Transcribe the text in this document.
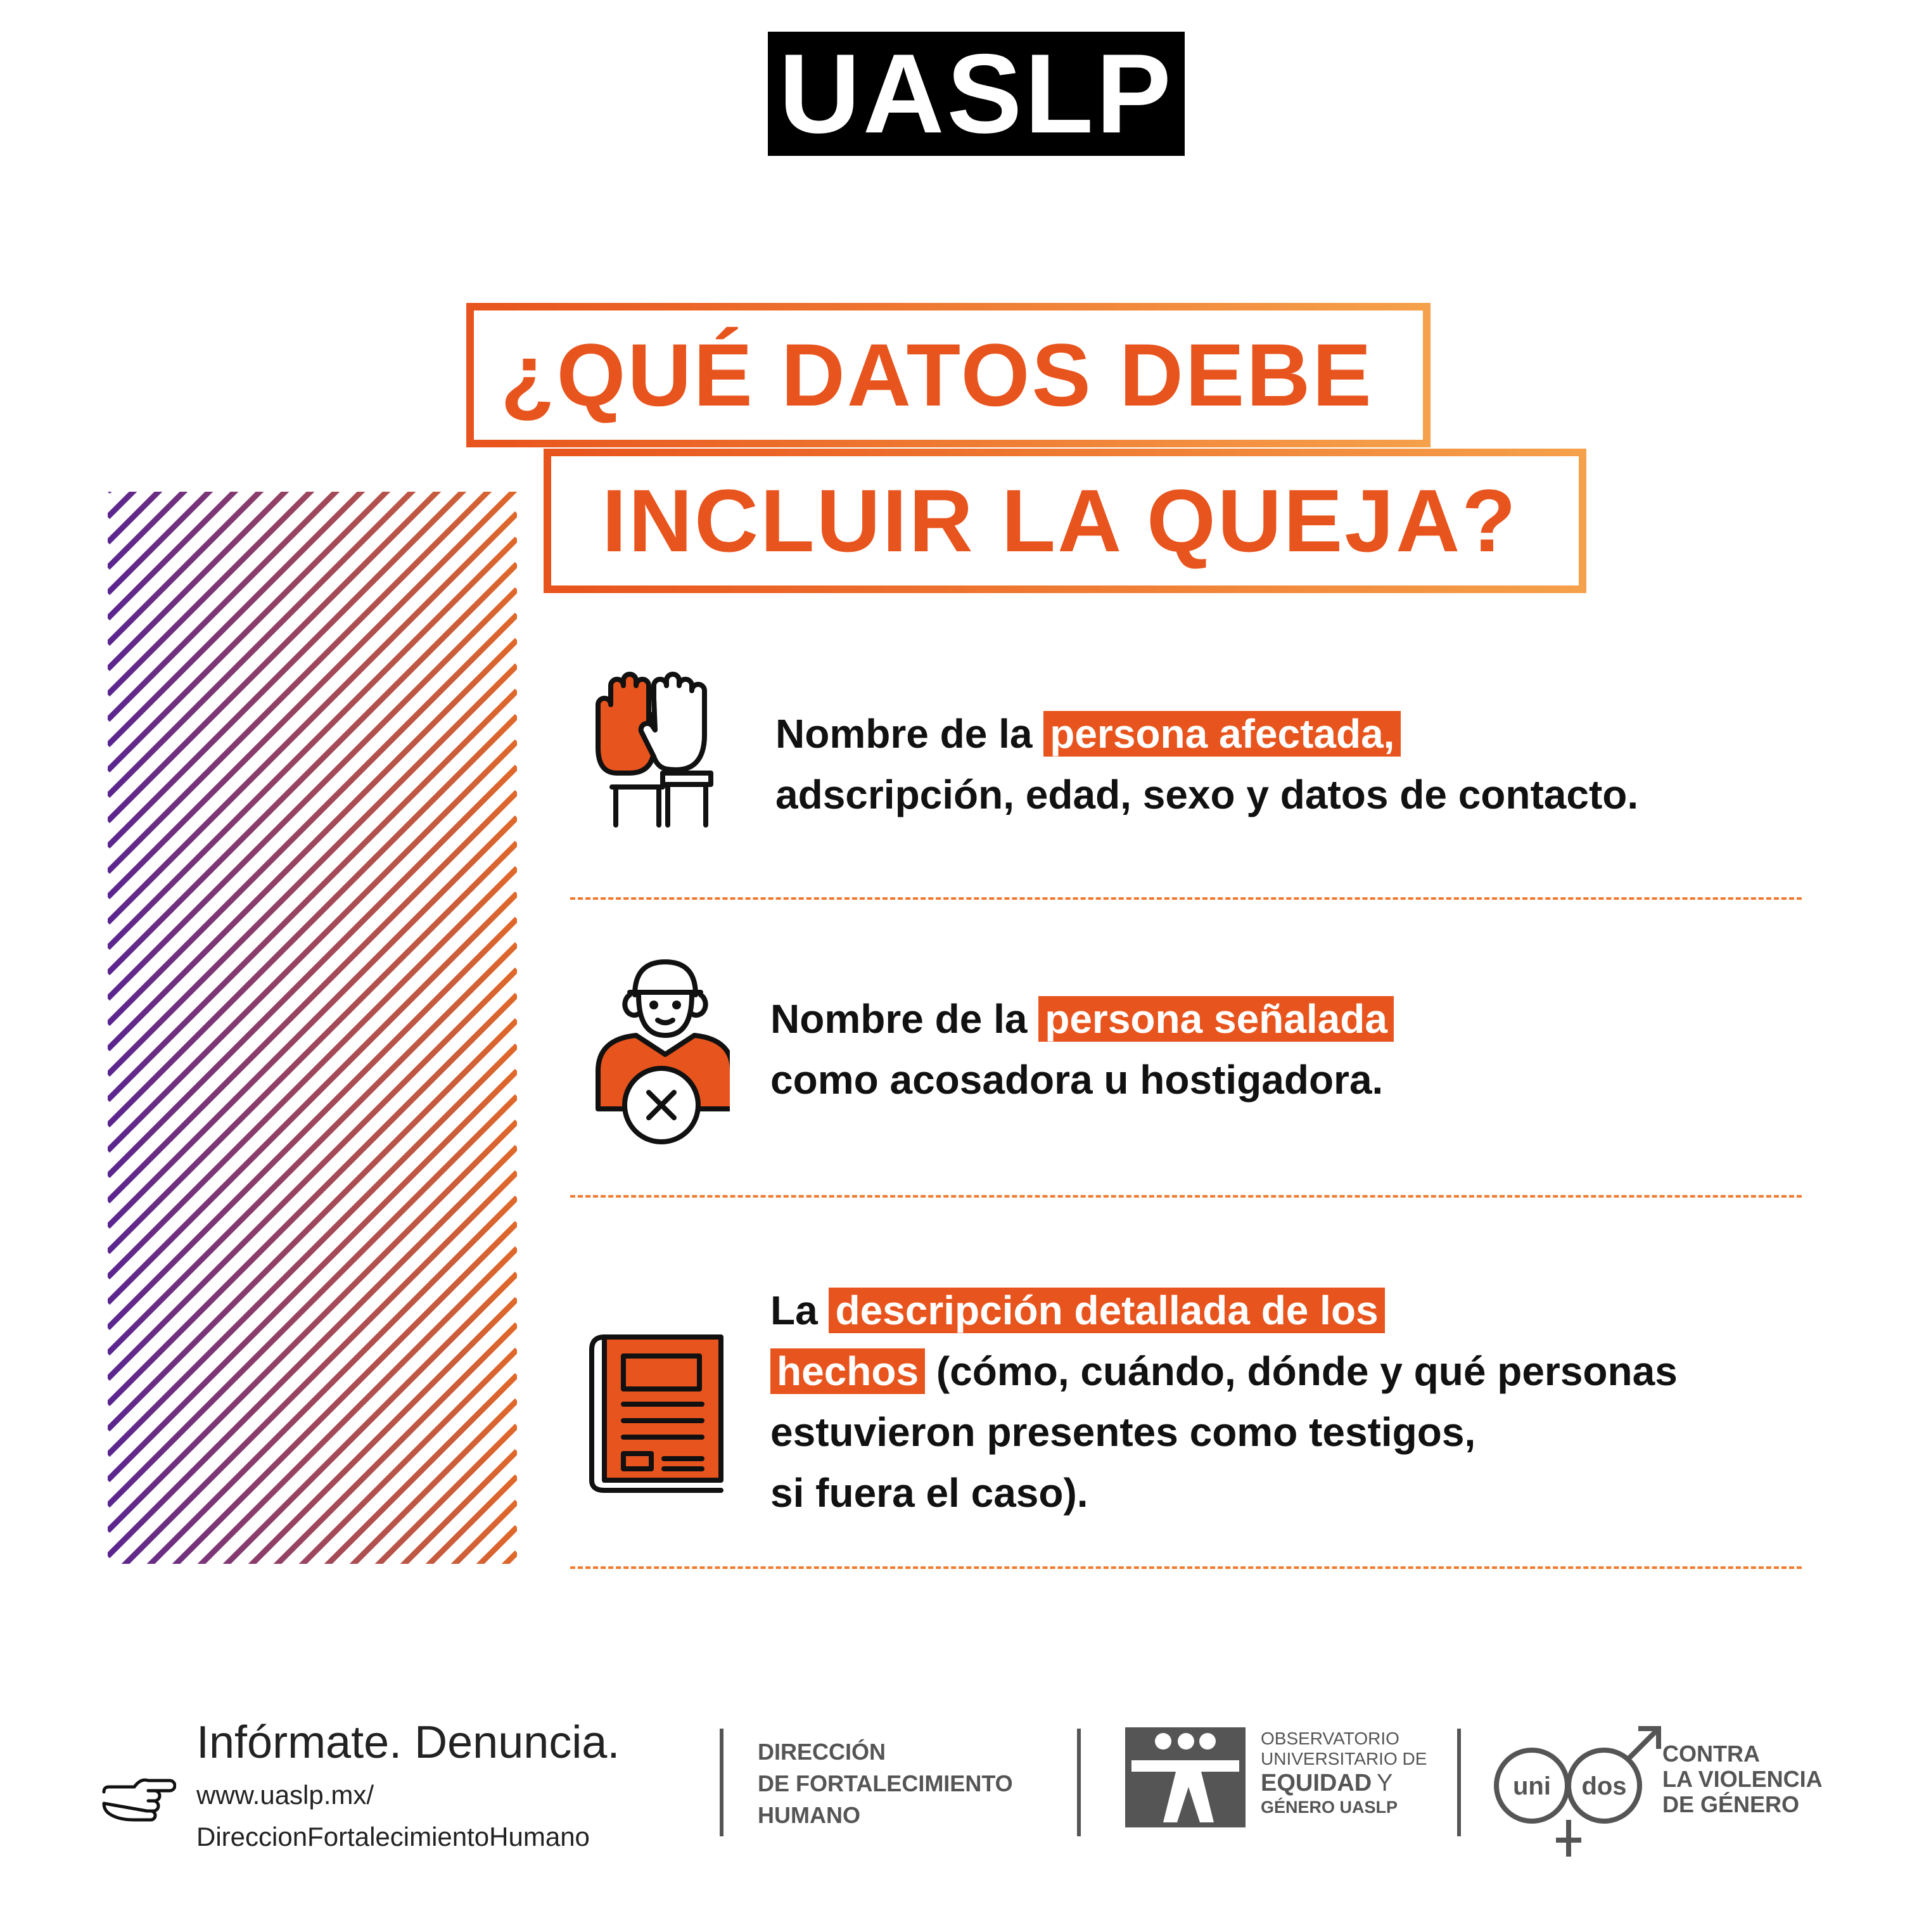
UASLP
¿QUÉ DATOS DEBE
INCLUIR LA QUEJA?
Nombre de la persona afectada,
adscripción, edad, sexo y datos de contacto.
Nombre de la persona señalada
como acosadora u hostigadora.
La descripción detallada de los
hechos (cómo, cuándo, dónde y qué personas
estuvieron presentes como testigos,
si fuera el caso).
Infórmate. Denuncia.
www.uaslp.mx/
DireccionFortalecimientoHumano
DIRECCIÓN
DE FORTALECIMIENTO
HUMANO
OBSERVATORIO
UNIVERSITARIO DE
EQUIDAD Y
GÉNERO UASLP
uni dos
CONTRA
LA VIOLENCIA
DE GÉNERO
